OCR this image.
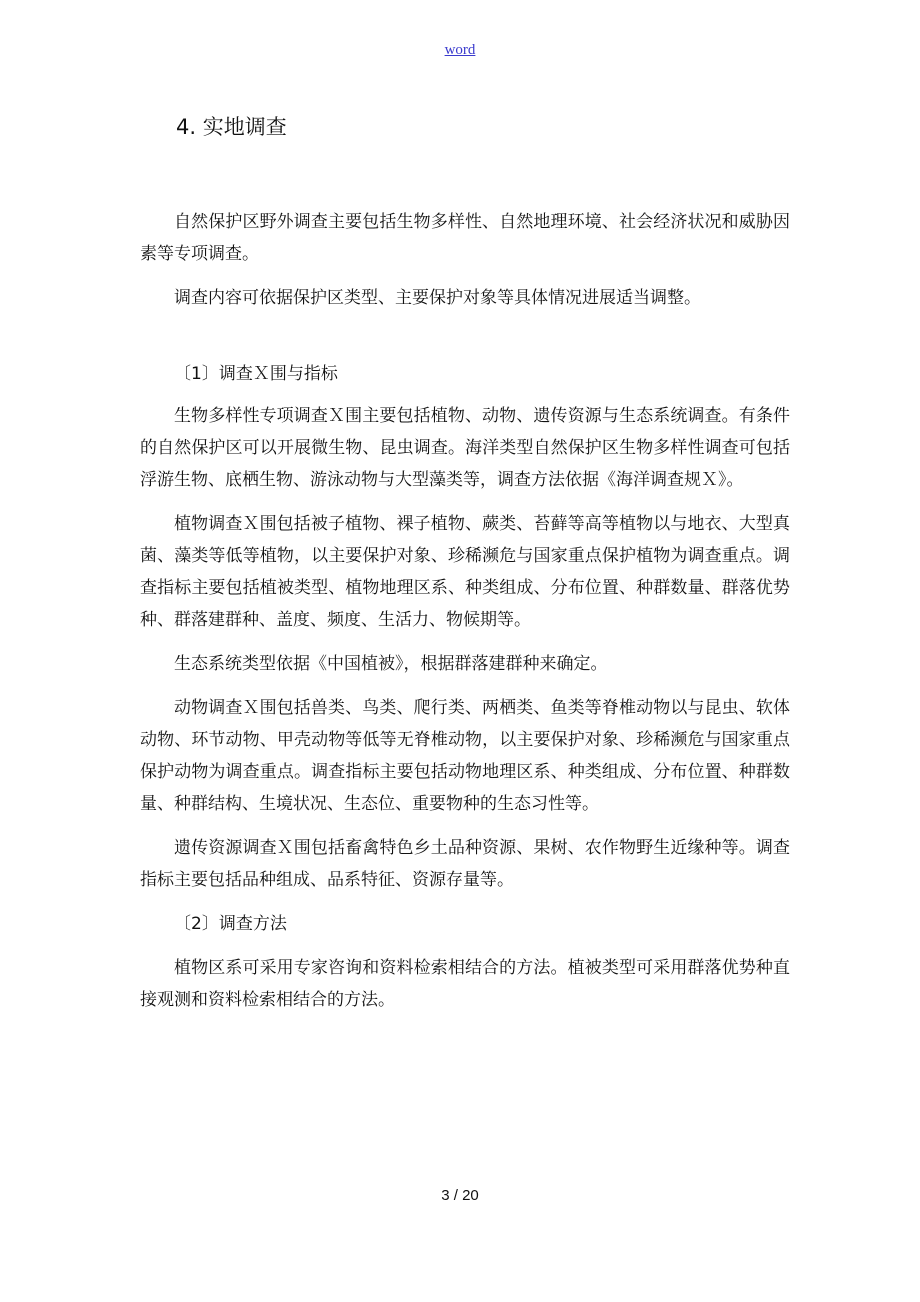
word
4. 实地调查

自然保护区野外调查主要包括生物多样性、自然地理环境、社会经济状况和威胁因素等专项调查。

调查内容可依据保护区类型、主要保护对象等具体情况进展适当调整。

〔1〕调查Ｘ围与指标

生物多样性专项调查Ｘ围主要包括植物、动物、遗传资源与生态系统调查。有条件的自然保护区可以开展微生物、昆虫调查。海洋类型自然保护区生物多样性调查可包括浮游生物、底栖生物、游泳动物与大型藻类等，调查方法依据《海洋调查规Ｘ》。

植物调查Ｘ围包括被子植物、裸子植物、蕨类、苔藓等高等植物以与地衣、大型真菌、藻类等低等植物，以主要保护对象、珍稀濒危与国家重点保护植物为调查重点。调查指标主要包括植被类型、植物地理区系、种类组成、分布位置、种群数量、群落优势种、群落建群种、盖度、频度、生活力、物候期等。

生态系统类型依据《中国植被》，根据群落建群种来确定。

动物调查Ｘ围包括兽类、鸟类、爬行类、两栖类、鱼类等脊椎动物以与昆虫、软体动物、环节动物、甲壳动物等低等无脊椎动物，以主要保护对象、珍稀濒危与国家重点保护动物为调查重点。调查指标主要包括动物地理区系、种类组成、分布位置、种群数量、种群结构、生境状况、生态位、重要物种的生态习性等。

遗传资源调查Ｘ围包括畜禽特色乡土品种资源、果树、农作物野生近缘种等。调查指标主要包括品种组成、品系特征、资源存量等。

〔2〕调查方法

植物区系可采用专家咨询和资料检索相结合的方法。植被类型可采用群落优势种直接观测和资料检索相结合的方法。

3 / 20
